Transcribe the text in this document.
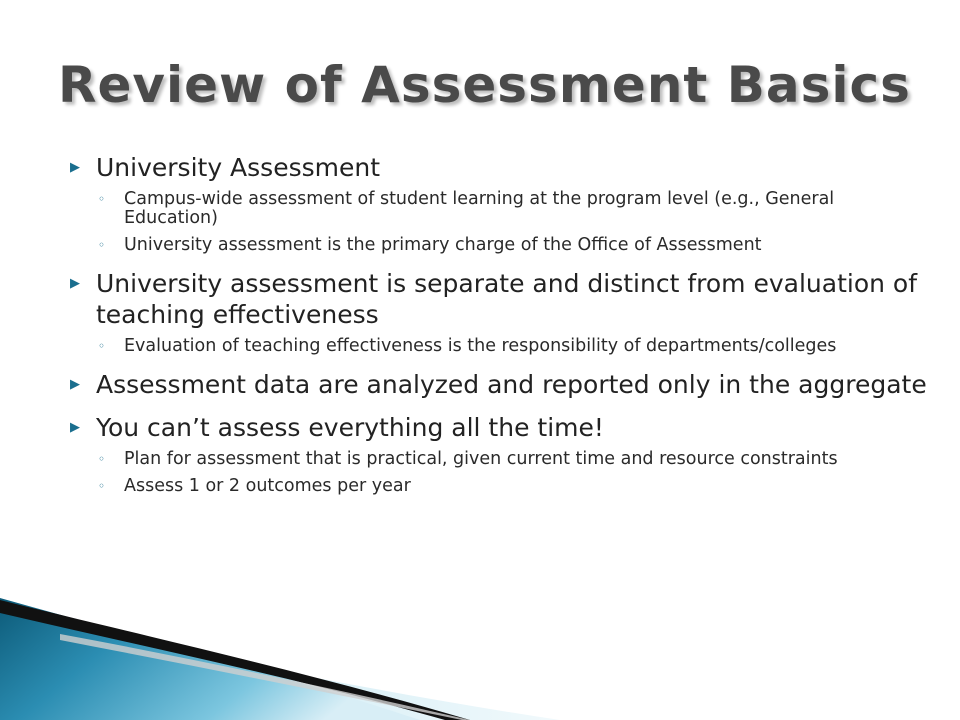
Review of Assessment Basics
▶ University Assessment
◦ Campus-wide assessment of student learning at the program level (e.g., General Education)
◦ University assessment is the primary charge of the Office of Assessment
▶ University assessment is separate and distinct from evaluation of teaching effectiveness
◦ Evaluation of teaching effectiveness is the responsibility of departments/colleges
▶ Assessment data are analyzed and reported only in the aggregate
▶ You can’t assess everything all the time!
◦ Plan for assessment that is practical, given current time and resource constraints
◦ Assess 1 or 2 outcomes per year
